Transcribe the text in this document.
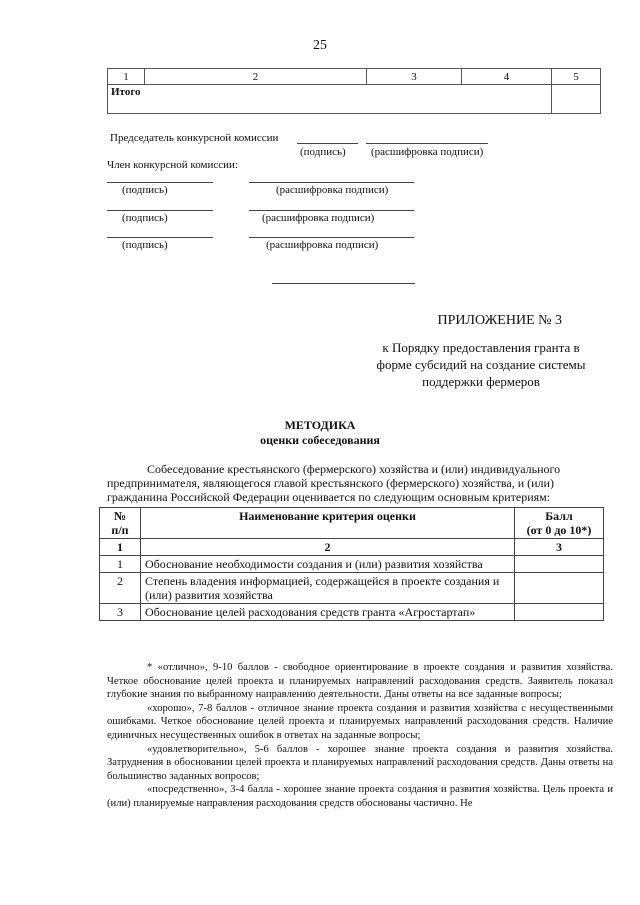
25
1	2	3	4	5
Итого				
Председатель конкурсной комиссии
(подпись) (расшифровка подписи)
Член конкурсной комиссии:
(подпись)	(расшифровка подписи)
(подпись)	(расшифровка подписи)
(подпись)	(расшифровка подписи)
ПРИЛОЖЕНИЕ № 3
к Порядку предоставления гранта в
форме субсидий на создание системы
поддержки фермеров
МЕТОДИКА
оценки собеседования
Собеседование крестьянского (фермерского) хозяйства и (или) индивидуального
предпринимателя, являющегося главой крестьянского (фермерского) хозяйства, и (или)
гражданина Российской Федерации оценивается по следующим основным критериям:
№
п/п	Наименование критерия оценки	Балл
(от 0 до 10*)
1	2	3
1	Обоснование необходимости создания и (или) развития хозяйства	
2	Степень владения информацией, содержащейся в проекте создания и (или) развития хозяйства	
3	Обоснование целей расходования средств гранта «Агростартап»	

* «отлично», 9-10 баллов - свободное ориентирование в проекте создания и развития хозяйства. Четкое обоснование целей проекта и планируемых направлений расходования средств. Заявитель показал глубокие знания по выбранному направлению деятельности. Даны ответы на все заданные вопросы;

«хорошо», 7-8 баллов - отличное знание проекта создания и развития хозяйства с несущественными ошибками. Четкое обоснование целей проекта и планируемых направлений расходования средств. Наличие единичных несущественных ошибок в ответах на заданные вопросы;

«удовлетворительно», 5-6 баллов - хорошее знание проекта создания и развития хозяйства. Затруднения в обосновании целей проекта и планируемых направлений расходования средств. Даны ответы на большинство заданных вопросов;

«посредственно», 3-4 балла - хорошее знание проекта создания и развития хозяйства. Цель проекта и (или) планируемые направления расходования средств обоснованы частично. Не
